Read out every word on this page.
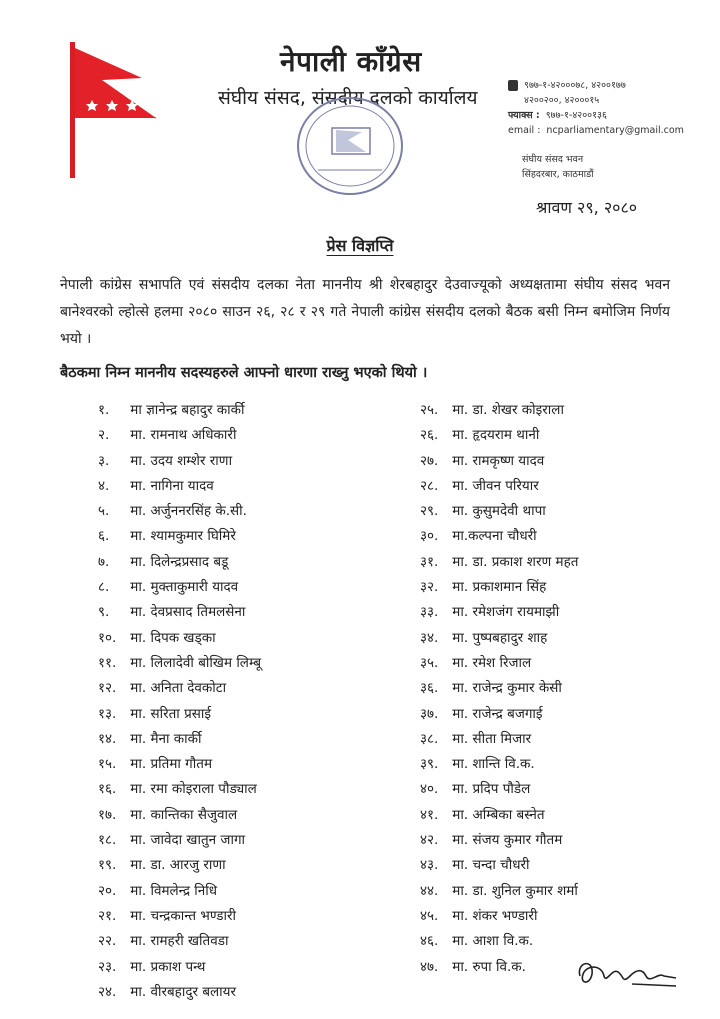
नेपाली काँग्रेस
संघीय संसद, संसदीय दलको कार्यालय
९७७-१-४२०००७८, ४२००१७७
४२००२००, ४२०००१५
फ्याक्स : ९७७-१-४२००१३६
email : ncparliamentary@gmail.com
संघीय संसद भवन
सिंहदरबार, काठमाडौं
श्रावण २९, २०८०
प्रेस विज्ञप्ति
नेपाली कांग्रेस सभापति एवं संसदीय दलका नेता माननीय श्री शेरबहादुर देउवाज्यूको अध्यक्षतामा संघीय संसद भवन बानेश्वरको ल्होत्से हलमा २०८० साउन २६, २८ र २९ गते नेपाली कांग्रेस संसदीय दलको बैठक बसी निम्न बमोजिम निर्णय भयो ।
बैठकमा निम्न माननीय सदस्यहरुले आफ्नो धारणा राख्नु भएको थियो ।
१. मा ज्ञानेन्द्र बहादुर कार्की
२. मा. रामनाथ अधिकारी
३. मा. उदय शम्शेर राणा
४. मा. नागिना यादव
५. मा. अर्जुननरसिंह के.सी.
६. मा. श्यामकुमार घिमिरे
७. मा. दिलेन्द्रप्रसाद बडू
८. मा. मुक्ताकुमारी यादव
९. मा. देवप्रसाद तिमलसेना
१०. मा. दिपक खड्का
११. मा. लिलादेवी बोखिम लिम्बू
१२. मा. अनिता देवकोटा
१३. मा. सरिता प्रसाई
१४. मा. मैना कार्की
१५. मा. प्रतिमा गौतम
१६. मा. रमा कोइराला पौड्याल
१७. मा. कान्तिका सैजुवाल
१८. मा. जावेदा खातुन जागा
१९. मा. डा. आरजु राणा
२०. मा. विमलेन्द्र निधि
२१. मा. चन्द्रकान्त भण्डारी
२२. मा. रामहरी खतिवडा
२३. मा. प्रकाश पन्थ
२४. मा. वीरबहादुर बलायर
२५. मा. डा. शेखर कोइराला
२६. मा. हृदयराम थानी
२७. मा. रामकृष्ण यादव
२८. मा. जीवन परियार
२९. मा. कुसुमदेवी थापा
३०. मा.कल्पना चौधरी
३१. मा. डा. प्रकाश शरण महत
३२. मा. प्रकाशमान सिंह
३३. मा. रमेशजंग रायमाझी
३४. मा. पुष्पबहादुर शाह
३५. मा. रमेश रिजाल
३६. मा. राजेन्द्र कुमार केसी
३७. मा. राजेन्द्र बजगाई
३८. मा. सीता मिजार
३९. मा. शान्ति वि.क.
४०. मा. प्रदिप पौडेल
४१. मा. अम्बिका बस्नेत
४२. मा. संजय कुमार गौतम
४३. मा. चन्दा चौधरी
४४. मा. डा. शुनिल कुमार शर्मा
४५. मा. शंकर भण्डारी
४६. मा. आशा वि.क.
४७. मा. रुपा वि.क.
